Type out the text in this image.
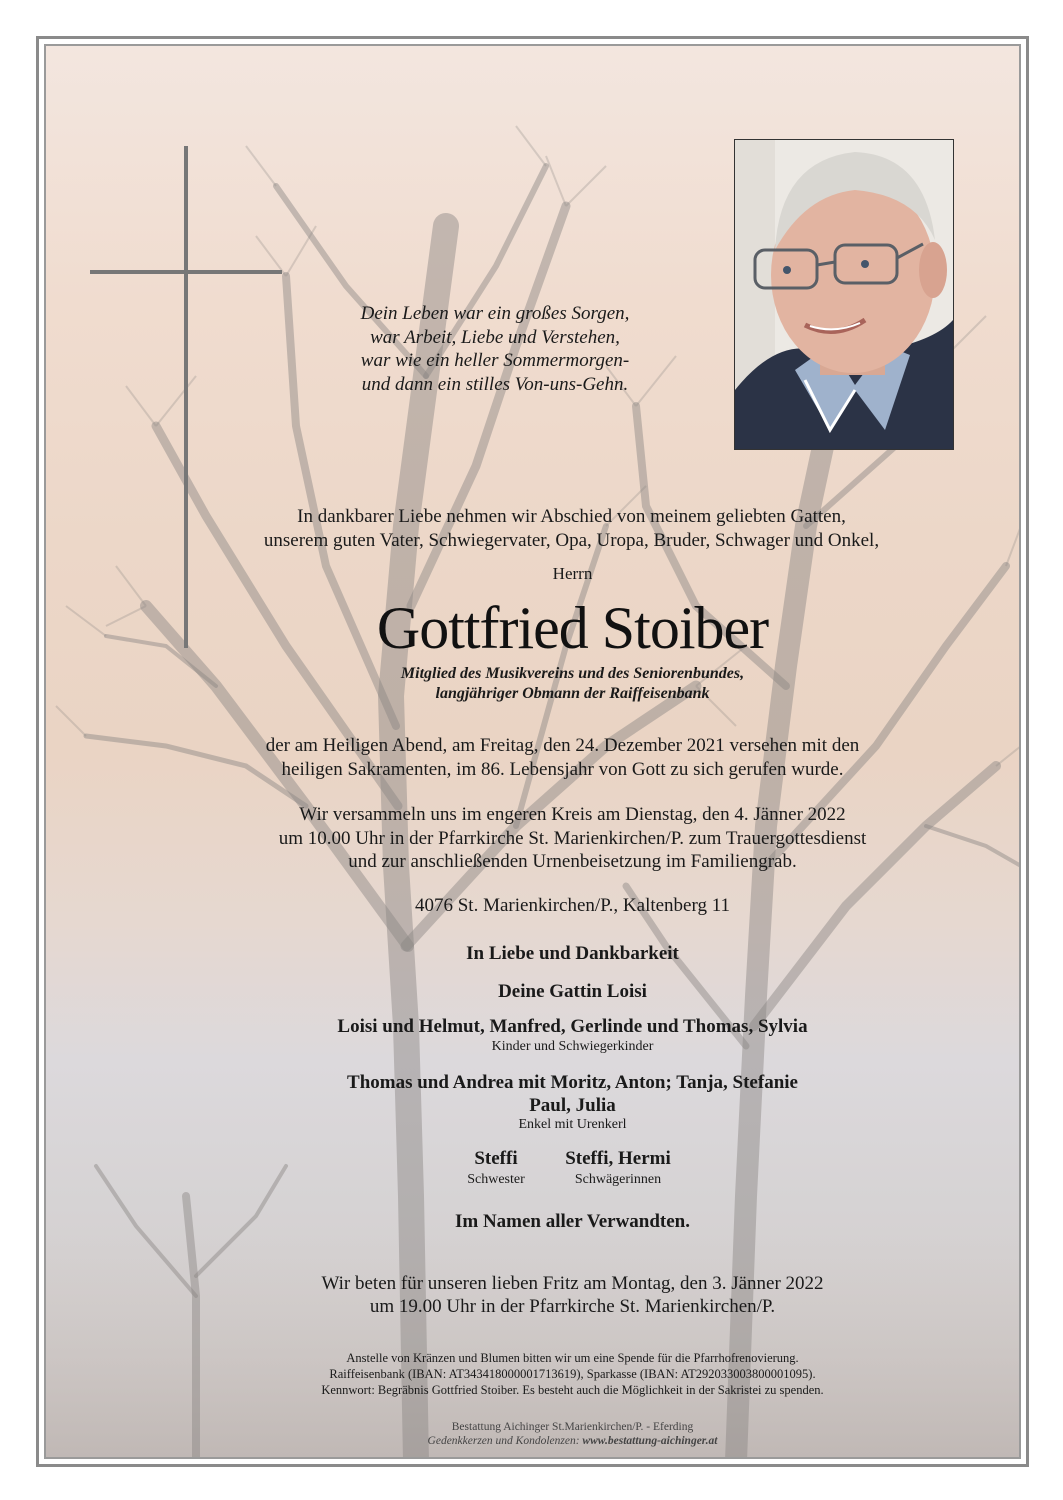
Dein Leben war ein großes Sorgen,
war Arbeit, Liebe und Verstehen,
war wie ein heller Sommermorgen-
und dann ein stilles Von-uns-Gehn.
In dankbarer Liebe nehmen wir Abschied von meinem geliebten Gatten,
unserem guten Vater, Schwiegervater, Opa, Uropa, Bruder, Schwager und Onkel,
Herrn
Gottfried Stoiber
Mitglied des Musikvereins und des Seniorenbundes,
langjähriger Obmann der Raiffeisenbank
der am Heiligen Abend, am Freitag, den 24. Dezember 2021 versehen mit den
heiligen Sakramenten, im 86. Lebensjahr von Gott zu sich gerufen wurde.
Wir versammeln uns im engeren Kreis am Dienstag, den 4. Jänner 2022
um 10.00 Uhr in der Pfarrkirche St. Marienkirchen/P. zum Trauergottesdienst
und zur anschließenden Urnenbeisetzung im Familiengrab.
4076 St. Marienkirchen/P., Kaltenberg 11
In Liebe und Dankbarkeit
Deine Gattin Loisi
Loisi und Helmut, Manfred, Gerlinde und Thomas, Sylvia
Kinder und Schwiegerkinder
Thomas und Andrea mit Moritz, Anton; Tanja, Stefanie
Paul, Julia
Enkel mit Urenkerl
Steffi
Schwester
Steffi, Hermi
Schwägerinnen
Im Namen aller Verwandten.
Wir beten für unseren lieben Fritz am Montag, den 3. Jänner 2022
um 19.00 Uhr in der Pfarrkirche St. Marienkirchen/P.
Anstelle von Kränzen und Blumen bitten wir um eine Spende für die Pfarrhofrenovierung.
Raiffeisenbank (IBAN: AT343418000001713619), Sparkasse (IBAN: AT292033003800001095).
Kennwort: Begräbnis Gottfried Stoiber. Es besteht auch die Möglichkeit in der Sakristei zu spenden.
Bestattung Aichinger St.Marienkirchen/P. - Eferding
Gedenkkerzen und Kondolenzen: www.bestattung-aichinger.at
